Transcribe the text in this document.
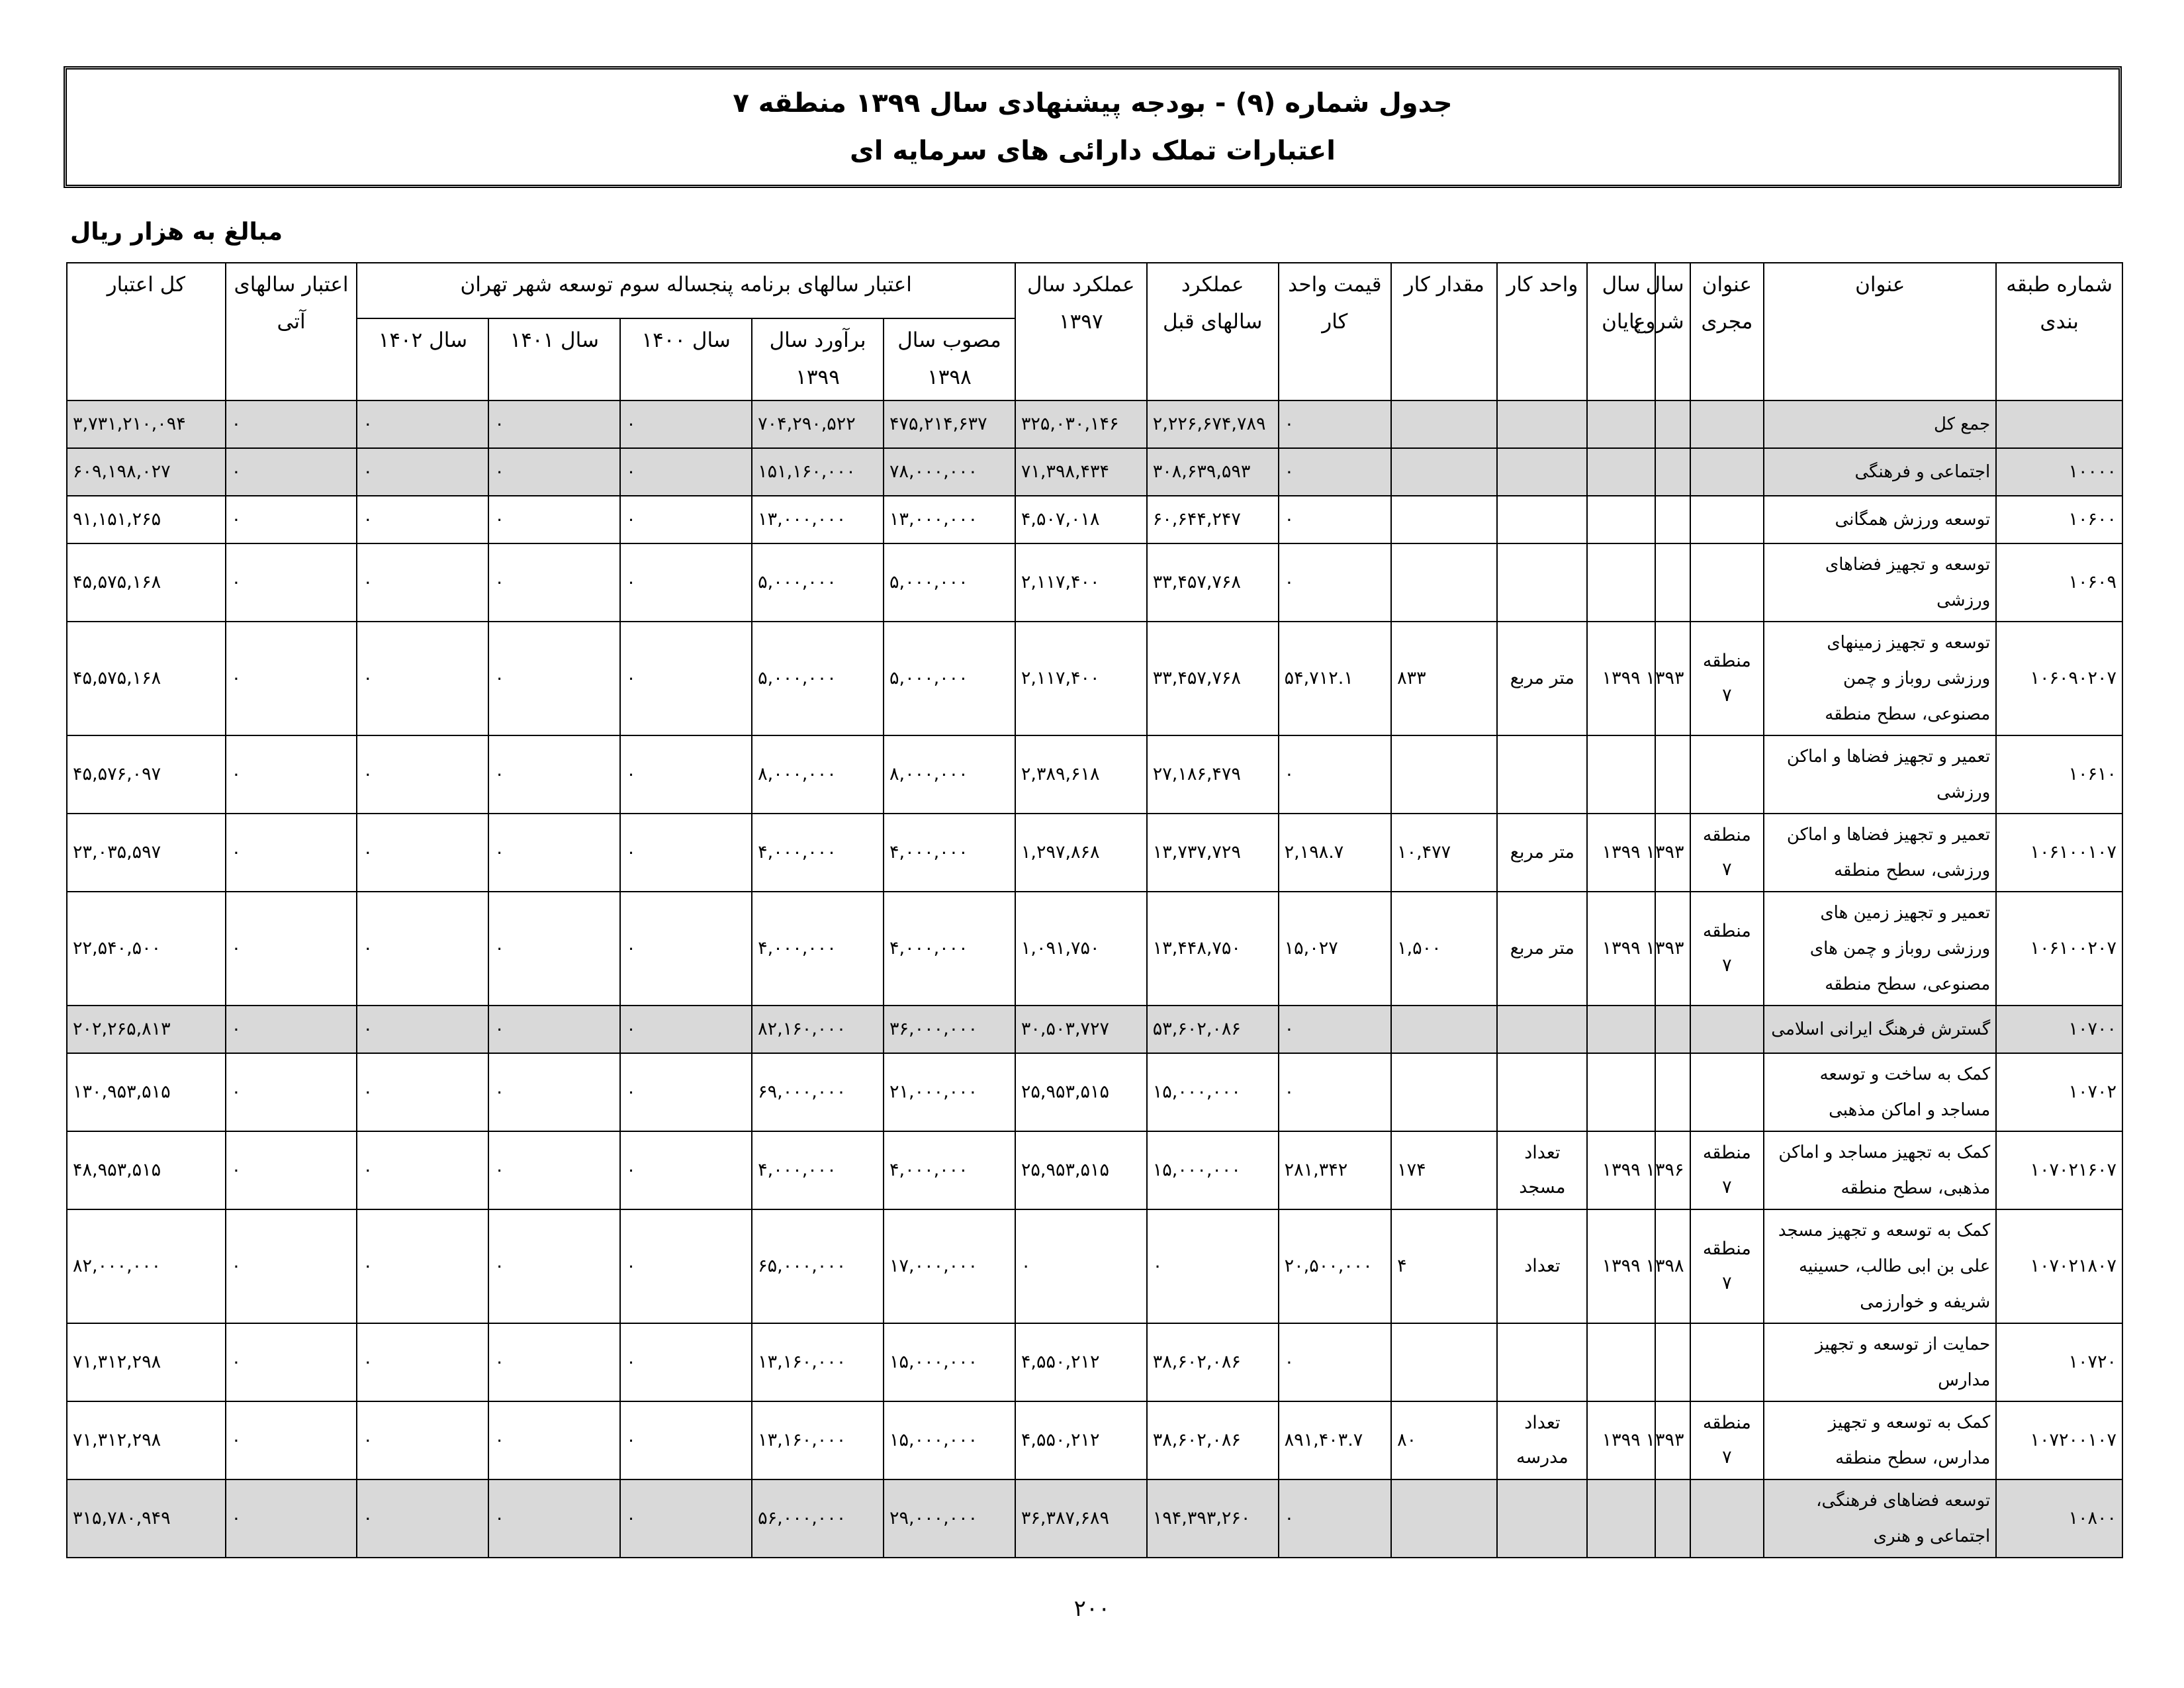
جدول شماره (۹) - بودجه پیشنهادی سال ۱۳۹۹ منطقه ۷
اعتبارات تملک دارائی های سرمایه ای
مبالغ به هزار ریال
شماره طبقه بندی	عنوان	عنوان مجری	سال شروع	سال پایان	واحد کار	مقدار کار	قیمت واحد کار	عملکرد سالهای قبل	عملکرد سال ۱۳۹۷	اعتبار سالهای برنامه پنجساله سوم توسعه شهر تهران					اعتبار سالهای آتی	کل اعتبار
										مصوب سال ۱۳۹۸	برآورد سال ۱۳۹۹	سال ۱۴۰۰	سال ۱۴۰۱	سال ۱۴۰۲		
	جمع کل						۰	۲,۲۲۶,۶۷۴,۷۸۹	۳۲۵,۰۳۰,۱۴۶	۴۷۵,۲۱۴,۶۳۷	۷۰۴,۲۹۰,۵۲۲	۰	۰	۰	۰	۳,۷۳۱,۲۱۰,۰۹۴
۱۰۰۰۰	اجتماعی و فرهنگی						۰	۳۰۸,۶۳۹,۵۹۳	۷۱,۳۹۸,۴۳۴	۷۸,۰۰۰,۰۰۰	۱۵۱,۱۶۰,۰۰۰	۰	۰	۰	۰	۶۰۹,۱۹۸,۰۲۷
۱۰۶۰۰	توسعه ورزش همگانی						۰	۶۰,۶۴۴,۲۴۷	۴,۵۰۷,۰۱۸	۱۳,۰۰۰,۰۰۰	۱۳,۰۰۰,۰۰۰	۰	۰	۰	۰	۹۱,۱۵۱,۲۶۵
۱۰۶۰۹	توسعه و تجهیز فضاهای ورزشی						۰	۳۳,۴۵۷,۷۶۸	۲,۱۱۷,۴۰۰	۵,۰۰۰,۰۰۰	۵,۰۰۰,۰۰۰	۰	۰	۰	۰	۴۵,۵۷۵,۱۶۸
۱۰۶۰۹۰۲۰۷	توسعه و تجهیز زمینهای ورزشی روباز و چمن مصنوعی، سطح منطقه	منطقه ۷	۱۳۹۳	۱۳۹۹	متر مربع	۸۳۳	۵۴,۷۱۲.۱	۳۳,۴۵۷,۷۶۸	۲,۱۱۷,۴۰۰	۵,۰۰۰,۰۰۰	۵,۰۰۰,۰۰۰	۰	۰	۰	۰	۴۵,۵۷۵,۱۶۸
۱۰۶۱۰	تعمیر و تجهیز فضاها و اماکن ورزشی						۰	۲۷,۱۸۶,۴۷۹	۲,۳۸۹,۶۱۸	۸,۰۰۰,۰۰۰	۸,۰۰۰,۰۰۰	۰	۰	۰	۰	۴۵,۵۷۶,۰۹۷
۱۰۶۱۰۰۱۰۷	تعمیر و تجهیز فضاها و اماکن ورزشی، سطح منطقه	منطقه ۷	۱۳۹۳	۱۳۹۹	متر مربع	۱۰,۴۷۷	۲,۱۹۸.۷	۱۳,۷۳۷,۷۲۹	۱,۲۹۷,۸۶۸	۴,۰۰۰,۰۰۰	۴,۰۰۰,۰۰۰	۰	۰	۰	۰	۲۳,۰۳۵,۵۹۷
۱۰۶۱۰۰۲۰۷	تعمیر و تجهیز زمین های ورزشی روباز و چمن های مصنوعی، سطح منطقه	منطقه ۷	۱۳۹۳	۱۳۹۹	متر مربع	۱,۵۰۰	۱۵,۰۲۷	۱۳,۴۴۸,۷۵۰	۱,۰۹۱,۷۵۰	۴,۰۰۰,۰۰۰	۴,۰۰۰,۰۰۰	۰	۰	۰	۰	۲۲,۵۴۰,۵۰۰
۱۰۷۰۰	گسترش فرهنگ ایرانی اسلامی						۰	۵۳,۶۰۲,۰۸۶	۳۰,۵۰۳,۷۲۷	۳۶,۰۰۰,۰۰۰	۸۲,۱۶۰,۰۰۰	۰	۰	۰	۰	۲۰۲,۲۶۵,۸۱۳
۱۰۷۰۲	کمک به ساخت و توسعه مساجد و اماکن مذهبی						۰	۱۵,۰۰۰,۰۰۰	۲۵,۹۵۳,۵۱۵	۲۱,۰۰۰,۰۰۰	۶۹,۰۰۰,۰۰۰	۰	۰	۰	۰	۱۳۰,۹۵۳,۵۱۵
۱۰۷۰۲۱۶۰۷	کمک به تجهیز مساجد و اماکن مذهبی، سطح منطقه	منطقه ۷	۱۳۹۶	۱۳۹۹	تعداد مسجد	۱۷۴	۲۸۱,۳۴۲	۱۵,۰۰۰,۰۰۰	۲۵,۹۵۳,۵۱۵	۴,۰۰۰,۰۰۰	۴,۰۰۰,۰۰۰	۰	۰	۰	۰	۴۸,۹۵۳,۵۱۵
۱۰۷۰۲۱۸۰۷	کمک به توسعه و تجهیز مسجد علی بن ابی طالب، حسینیه شریفه و خوارزمی	منطقه ۷	۱۳۹۸	۱۳۹۹	تعداد	۴	۲۰,۵۰۰,۰۰۰	۰	۰	۱۷,۰۰۰,۰۰۰	۶۵,۰۰۰,۰۰۰	۰	۰	۰	۰	۸۲,۰۰۰,۰۰۰
۱۰۷۲۰	حمایت از توسعه و تجهیز مدارس						۰	۳۸,۶۰۲,۰۸۶	۴,۵۵۰,۲۱۲	۱۵,۰۰۰,۰۰۰	۱۳,۱۶۰,۰۰۰	۰	۰	۰	۰	۷۱,۳۱۲,۲۹۸
۱۰۷۲۰۰۱۰۷	کمک به توسعه و تجهیز مدارس، سطح منطقه	منطقه ۷	۱۳۹۳	۱۳۹۹	تعداد مدرسه	۸۰	۸۹۱,۴۰۳.۷	۳۸,۶۰۲,۰۸۶	۴,۵۵۰,۲۱۲	۱۵,۰۰۰,۰۰۰	۱۳,۱۶۰,۰۰۰	۰	۰	۰	۰	۷۱,۳۱۲,۲۹۸
۱۰۸۰۰	توسعه فضاهای فرهنگی، اجتماعی و هنری						۰	۱۹۴,۳۹۳,۲۶۰	۳۶,۳۸۷,۶۸۹	۲۹,۰۰۰,۰۰۰	۵۶,۰۰۰,۰۰۰	۰	۰	۰	۰	۳۱۵,۷۸۰,۹۴۹
۲۰۰
